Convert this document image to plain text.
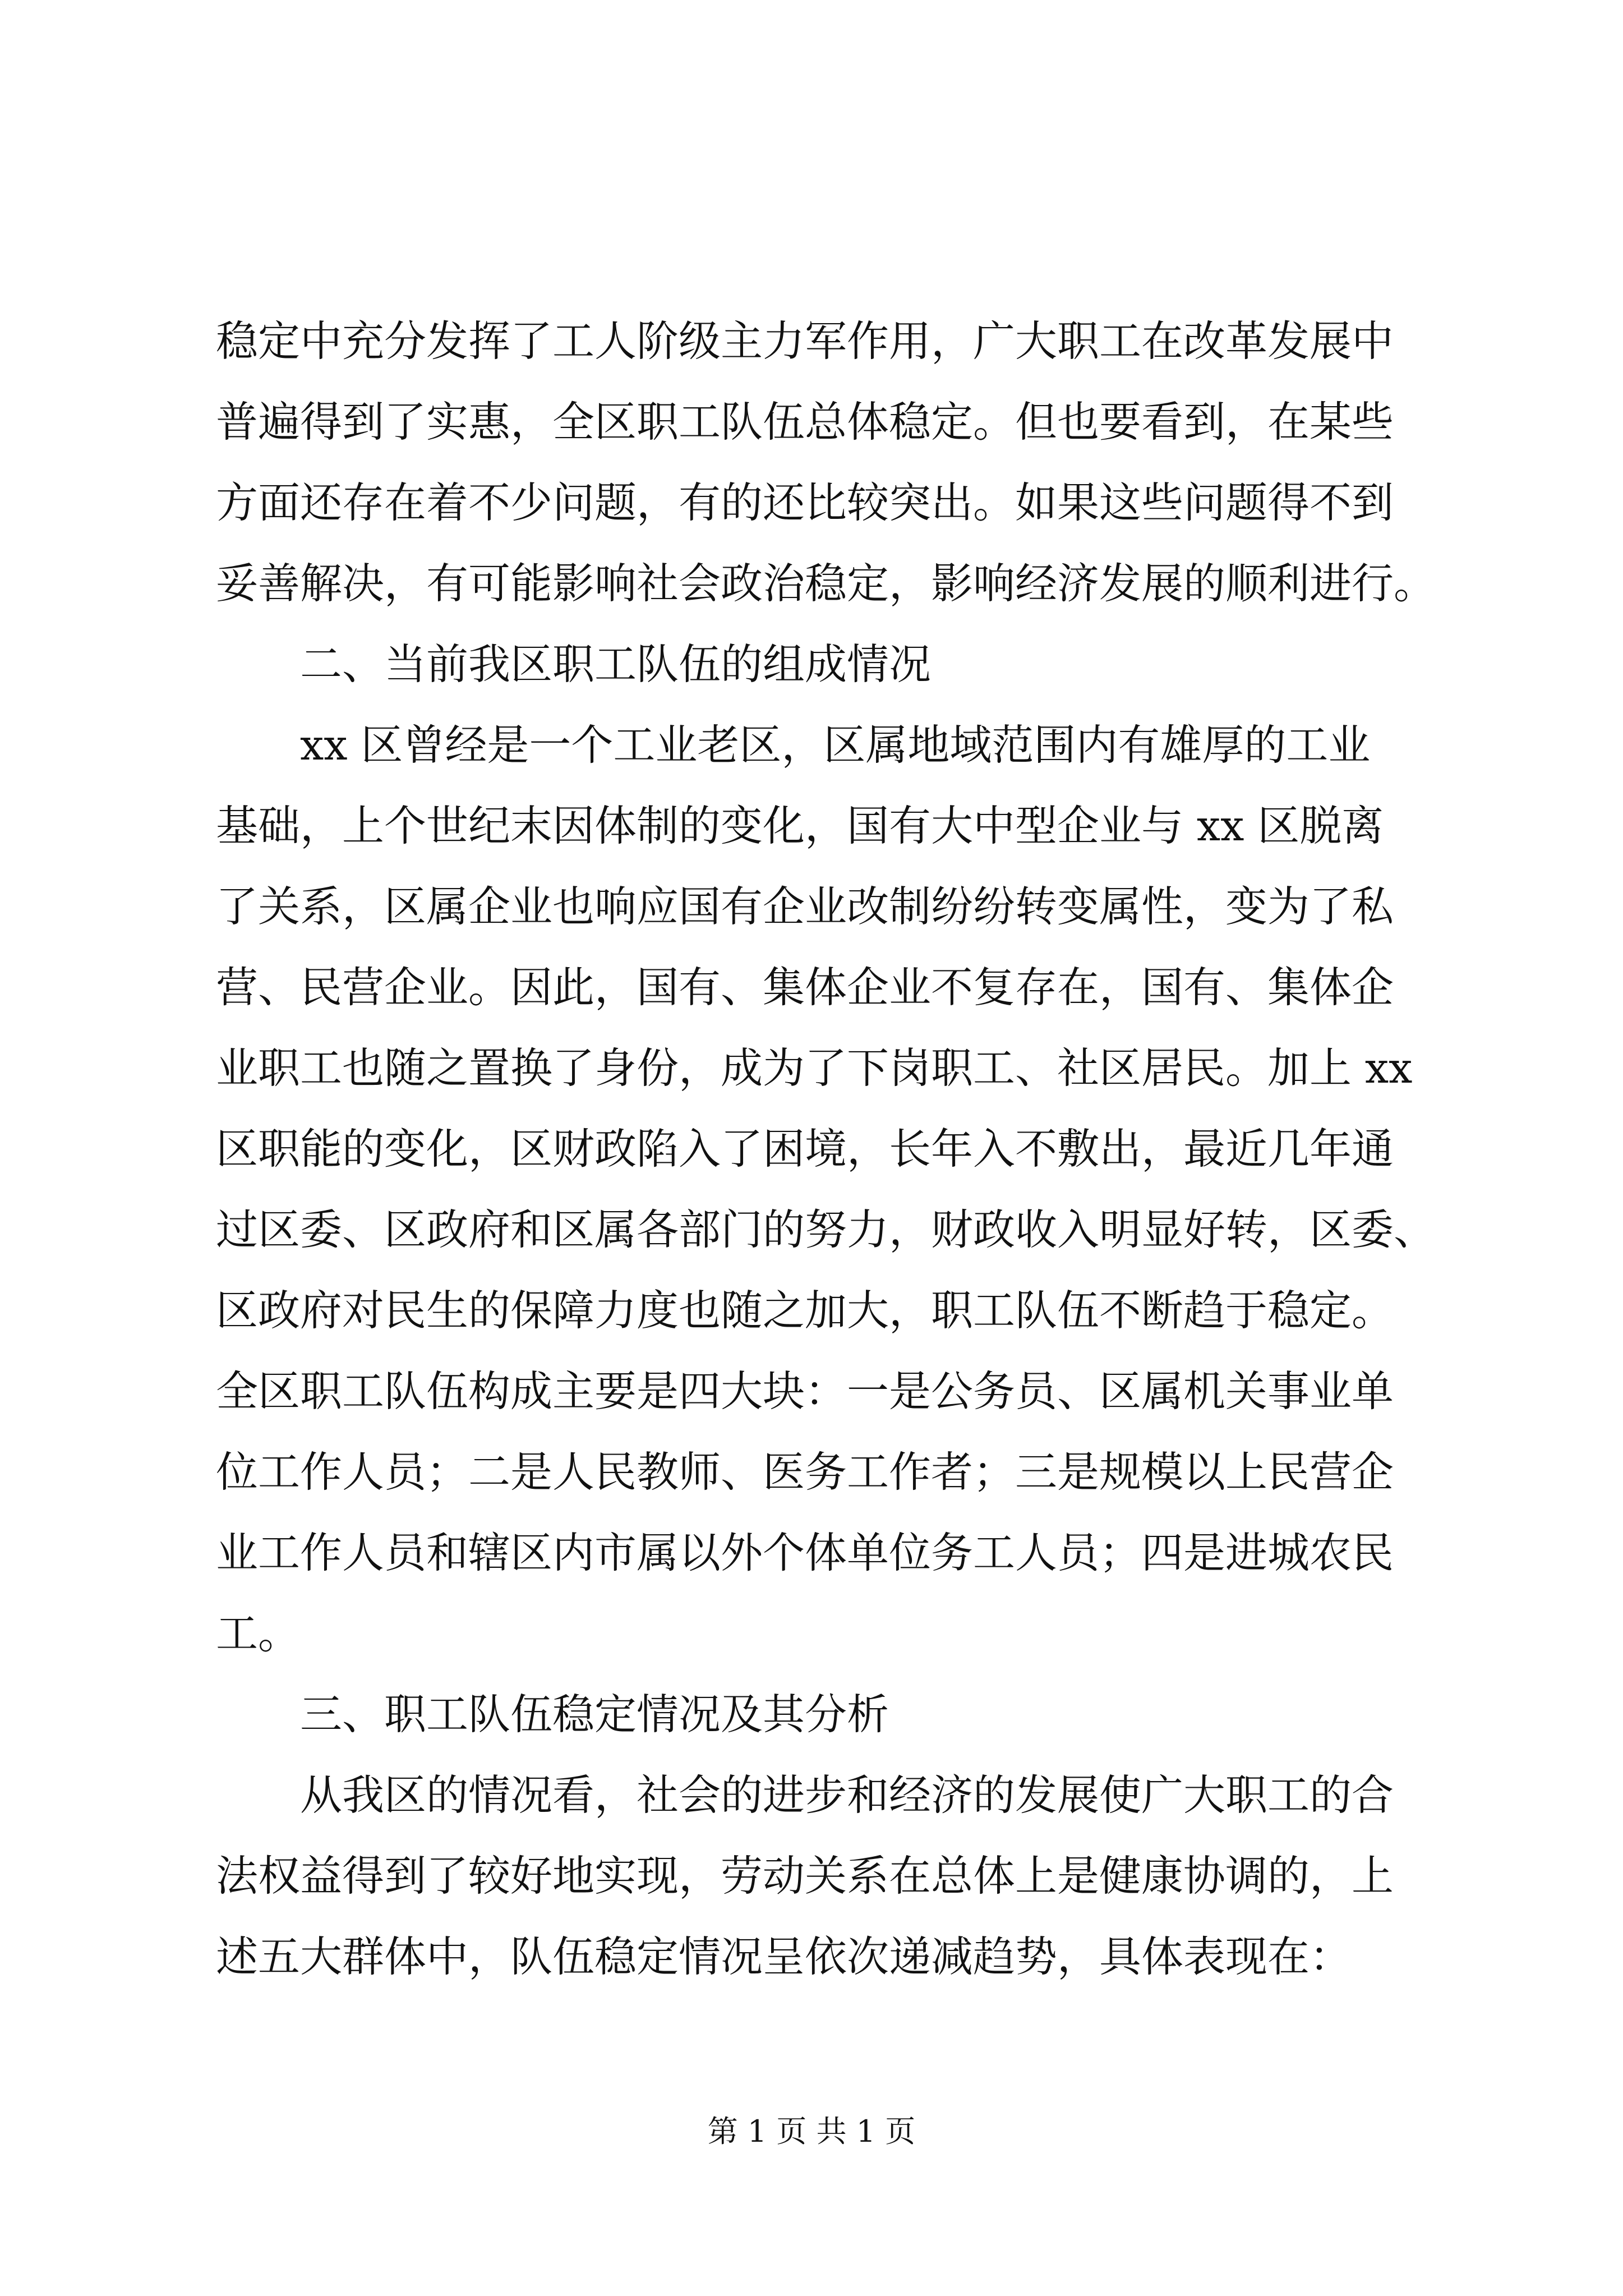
稳定中充分发挥了工人阶级主力军作用，广大职工在改革发展中
普遍得到了实惠，全区职工队伍总体稳定。但也要看到，在某些
方面还存在着不少问题，有的还比较突出。如果这些问题得不到
妥善解决，有可能影响社会政治稳定，影响经济发展的顺利进行。
二、当前我区职工队伍的组成情况
xx 区曾经是一个工业老区，区属地域范围内有雄厚的工业
基础，上个世纪末因体制的变化，国有大中型企业与 xx 区脱离
了关系，区属企业也响应国有企业改制纷纷转变属性，变为了私
营、民营企业。因此，国有、集体企业不复存在，国有、集体企
业职工也随之置换了身份，成为了下岗职工、社区居民。加上 xx
区职能的变化，区财政陷入了困境，长年入不敷出，最近几年通
过区委、区政府和区属各部门的努力，财政收入明显好转，区委、
区政府对民生的保障力度也随之加大，职工队伍不断趋于稳定。
全区职工队伍构成主要是四大块：一是公务员、区属机关事业单
位工作人员；二是人民教师、医务工作者；三是规模以上民营企
业工作人员和辖区内市属以外个体单位务工人员；四是进城农民
工。
三、职工队伍稳定情况及其分析
从我区的情况看，社会的进步和经济的发展使广大职工的合
法权益得到了较好地实现，劳动关系在总体上是健康协调的，上
述五大群体中，队伍稳定情况呈依次递减趋势，具体表现在：
第 1 页 共 1 页
